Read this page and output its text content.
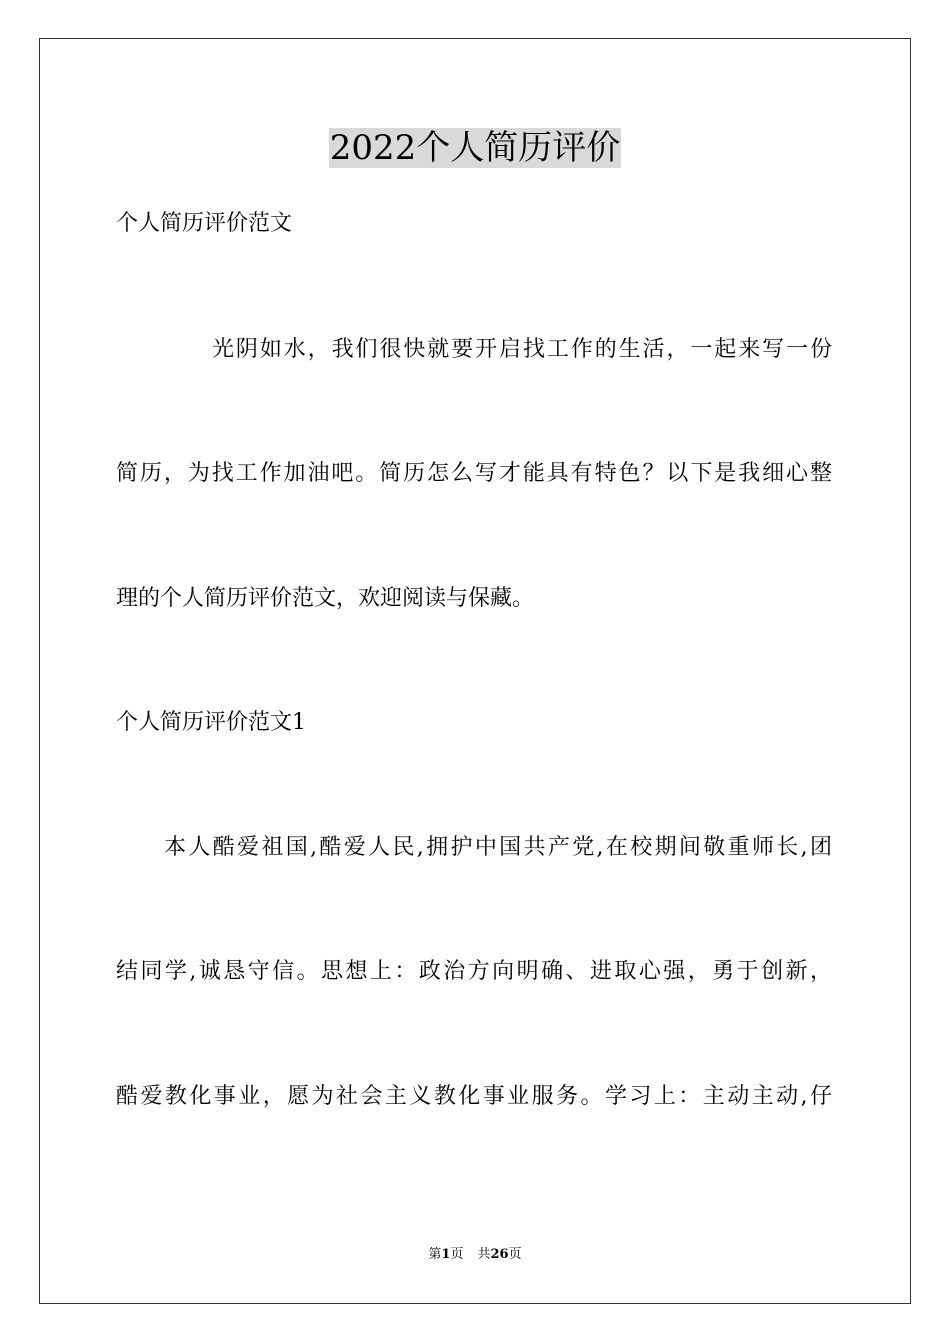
2022个人简历评价

个人简历评价范文

光阴如水，我们很快就要开启找工作的生活，一起来写一份

简历，为找工作加油吧。简历怎么写才能具有特色？以下是我细心整

理的个人简历评价范文，欢迎阅读与保藏。

个人简历评价范文1

本人酷爱祖国,酷爱人民,拥护中国共产党,在校期间敬重师长,团

结同学,诚恳守信。思想上：政治方向明确、进取心强，勇于创新，

酷爱教化事业，愿为社会主义教化事业服务。学习上：主动主动,仔

第1页 共26页
